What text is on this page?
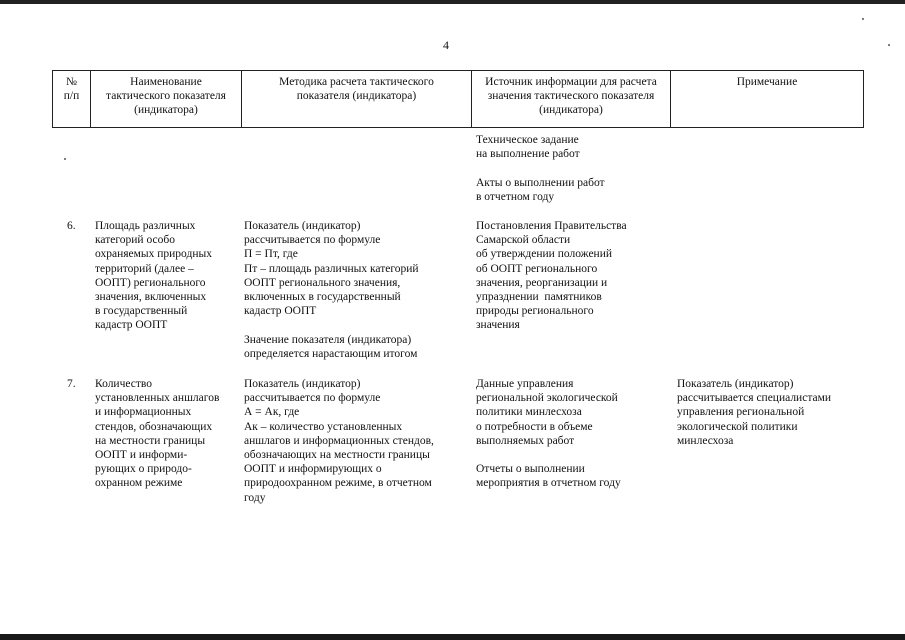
4
№
п/п
Наименование
тактического показателя
(индикатора)
Методика расчета тактического
показателя (индикатора)
Источник информации для расчета
значения тактического показателя
(индикатора)
Примечание
Техническое задание
на выполнение работ

Акты о выполнении работ
в отчетном году
6. Площадь различных
категорий особо
охраняемых природных
территорий (далее –
ООПТ) регионального
значения, включенных
в государственный
кадастр ООПТ
Показатель (индикатор)
рассчитывается по формуле
П = Пт, где
Пт – площадь различных категорий
ООПТ регионального значения,
включенных в государственный
кадастр ООПТ

Значение показателя (индикатора)
определяется нарастающим итогом
Постановления Правительства
Самарской области
об утверждении положений
об ООПТ регионального
значения, реорганизации и
упразднении  памятников
природы регионального
значения
7. Количество
установленных аншлагов
и информационных
стендов, обозначающих
на местности границы
ООПТ и информи-
рующих о природо-
охранном режиме
Показатель (индикатор)
рассчитывается по формуле
А = Ак, где
Ак – количество установленных
аншлагов и информационных стендов,
обозначающих на местности границы
ООПТ и информирующих о
природоохранном режиме, в отчетном
году
Данные управления
региональной экологической
политики минлесхоза
о потребности в объеме
выполняемых работ

Отчеты о выполнении
мероприятия в отчетном году
Показатель (индикатор)
рассчитывается специалистами
управления региональной
экологической политики
минлесхоза
